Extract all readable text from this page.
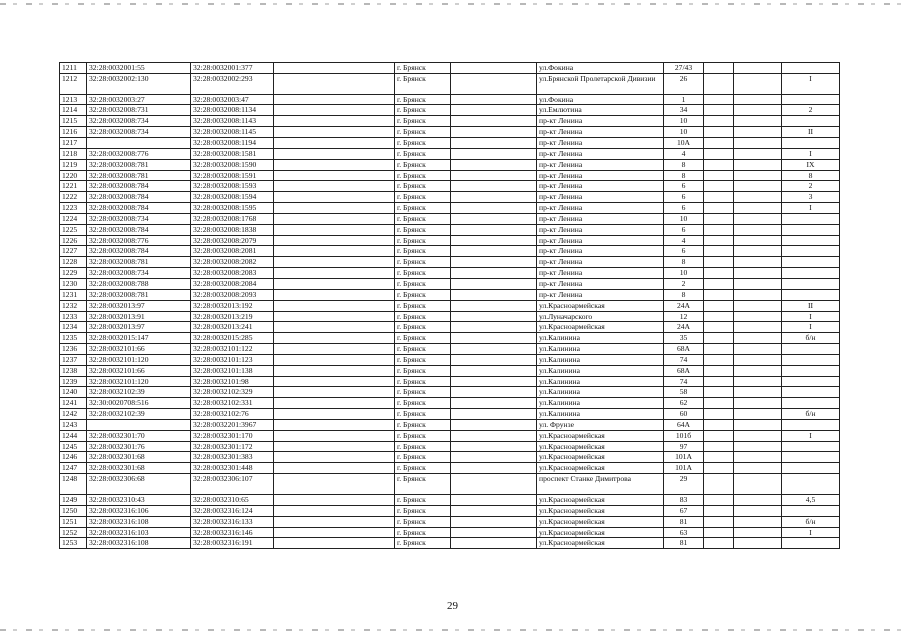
1211	32:28:0032001:55	32:28:0032001:377		г. Брянск		ул.Фокина	27/43			
1212	32:28:0032002:130	32:28:0032002:293		г. Брянск		ул.Брянской Пролетарской Дивизии	26			I
1213	32:28:0032003:27	32:28:0032003:47		г. Брянск		ул.Фокина	1			
1214	32:28:0032008:731	32:28:0032008:1134		г. Брянск		ул.Емлютина	34			2
1215	32:28:0032008:734	32:28:0032008:1143		г. Брянск		пр-кт Ленина	10			
1216	32:28:0032008:734	32:28:0032008:1145		г. Брянск		пр-кт Ленина	10			II
1217		32:28:0032008:1194		г. Брянск		пр-кт Ленина	10А			
1218	32:28:0032008:776	32:28:0032008:1581		г. Брянск		пр-кт Ленина	4			I
1219	32:28:0032008:781	32:28:0032008:1590		г. Брянск		пр-кт Ленина	8			IX
1220	32:28:0032008:781	32:28:0032008:1591		г. Брянск		пр-кт Ленина	8			8
1221	32:28:0032008:784	32:28:0032008:1593		г. Брянск		пр-кт Ленина	6			2
1222	32:28:0032008:784	32:28:0032008:1594		г. Брянск		пр-кт Ленина	6			3
1223	32:28:0032008:784	32:28:0032008:1595		г. Брянск		пр-кт Ленина	6			I
1224	32:28:0032008:734	32:28:0032008:1768		г. Брянск		пр-кт Ленина	10			
1225	32:28:0032008:784	32:28:0032008:1838		г. Брянск		пр-кт Ленина	6			
1226	32:28:0032008:776	32:28:0032008:2079		г. Брянск		пр-кт Ленина	4			
1227	32:28:0032008:784	32:28:0032008:2081		г. Брянск		пр-кт Ленина	6			
1228	32:28:0032008:781	32:28:0032008:2082		г. Брянск		пр-кт Ленина	8			
1229	32:28:0032008:734	32:28:0032008:2083		г. Брянск		пр-кт Ленина	10			
1230	32:28:0032008:788	32:28:0032008:2084		г. Брянск		пр-кт Ленина	2			
1231	32:28:0032008:781	32:28:0032008:2093		г. Брянск		пр-кт Ленина	8			
1232	32:28:0032013:97	32:28:0032013:192		г. Брянск		ул.Красноармейская	24А			II
1233	32:28:0032013:91	32:28:0032013:219		г. Брянск		ул.Луначарского	12			I
1234	32:28:0032013:97	32:28:0032013:241		г. Брянск		ул.Красноармейская	24А			I
1235	32:28:0032015:147	32:28:0032015:285		г. Брянск		ул.Калинина	35			б/н
1236	32:28:0032101:66	32:28:0032101:122		г. Брянск		ул.Калинина	68А			
1237	32:28:0032101:120	32:28:0032101:123		г. Брянск		ул.Калинина	74			
1238	32:28:0032101:66	32:28:0032101:138		г. Брянск		ул.Калинина	68А			
1239	32:28:0032101:120	32:28:0032101:98		г. Брянск		ул.Калинина	74			
1240	32:28:0032102:39	32:28:0032102:329		г. Брянск		ул.Калинина	58			
1241	32:30:0020708:516	32:28:0032102:331		г. Брянск		ул.Калинина	62			
1242	32:28:0032102:39	32:28:0032102:76		г. Брянск		ул.Калинина	60			б/н
1243		32:28:0032201:3967		г. Брянск		ул. Фрунзе	64А			
1244	32:28:0032301:70	32:28:0032301:170		г. Брянск		ул.Красноармейская	101б			I
1245	32:28:0032301:76	32:28:0032301:172		г. Брянск		ул.Красноармейская	97			
1246	32:28:0032301:68	32:28:0032301:383		г. Брянск		ул.Красноармейская	101А			
1247	32:28:0032301:68	32:28:0032301:448		г. Брянск		ул.Красноармейская	101А			
1248	32:28:0032306:68	32:28:0032306:107		г. Брянск		проспект Станке Димитрова	29			
1249	32:28:0032310:43	32:28:0032310:65		г. Брянск		ул.Красноармейская	83			4,5
1250	32:28:0032316:106	32:28:0032316:124		г. Брянск		ул.Красноармейская	67			
1251	32:28:0032316:108	32:28:0032316:133		г. Брянск		ул.Красноармейская	81			б/н
1252	32:28:0032316:103	32:28:0032316:146		г. Брянск		ул.Красноармейская	63			I
1253	32:28:0032316:108	32:28:0032316:191		г. Брянск		ул.Красноармейская	81			
29
